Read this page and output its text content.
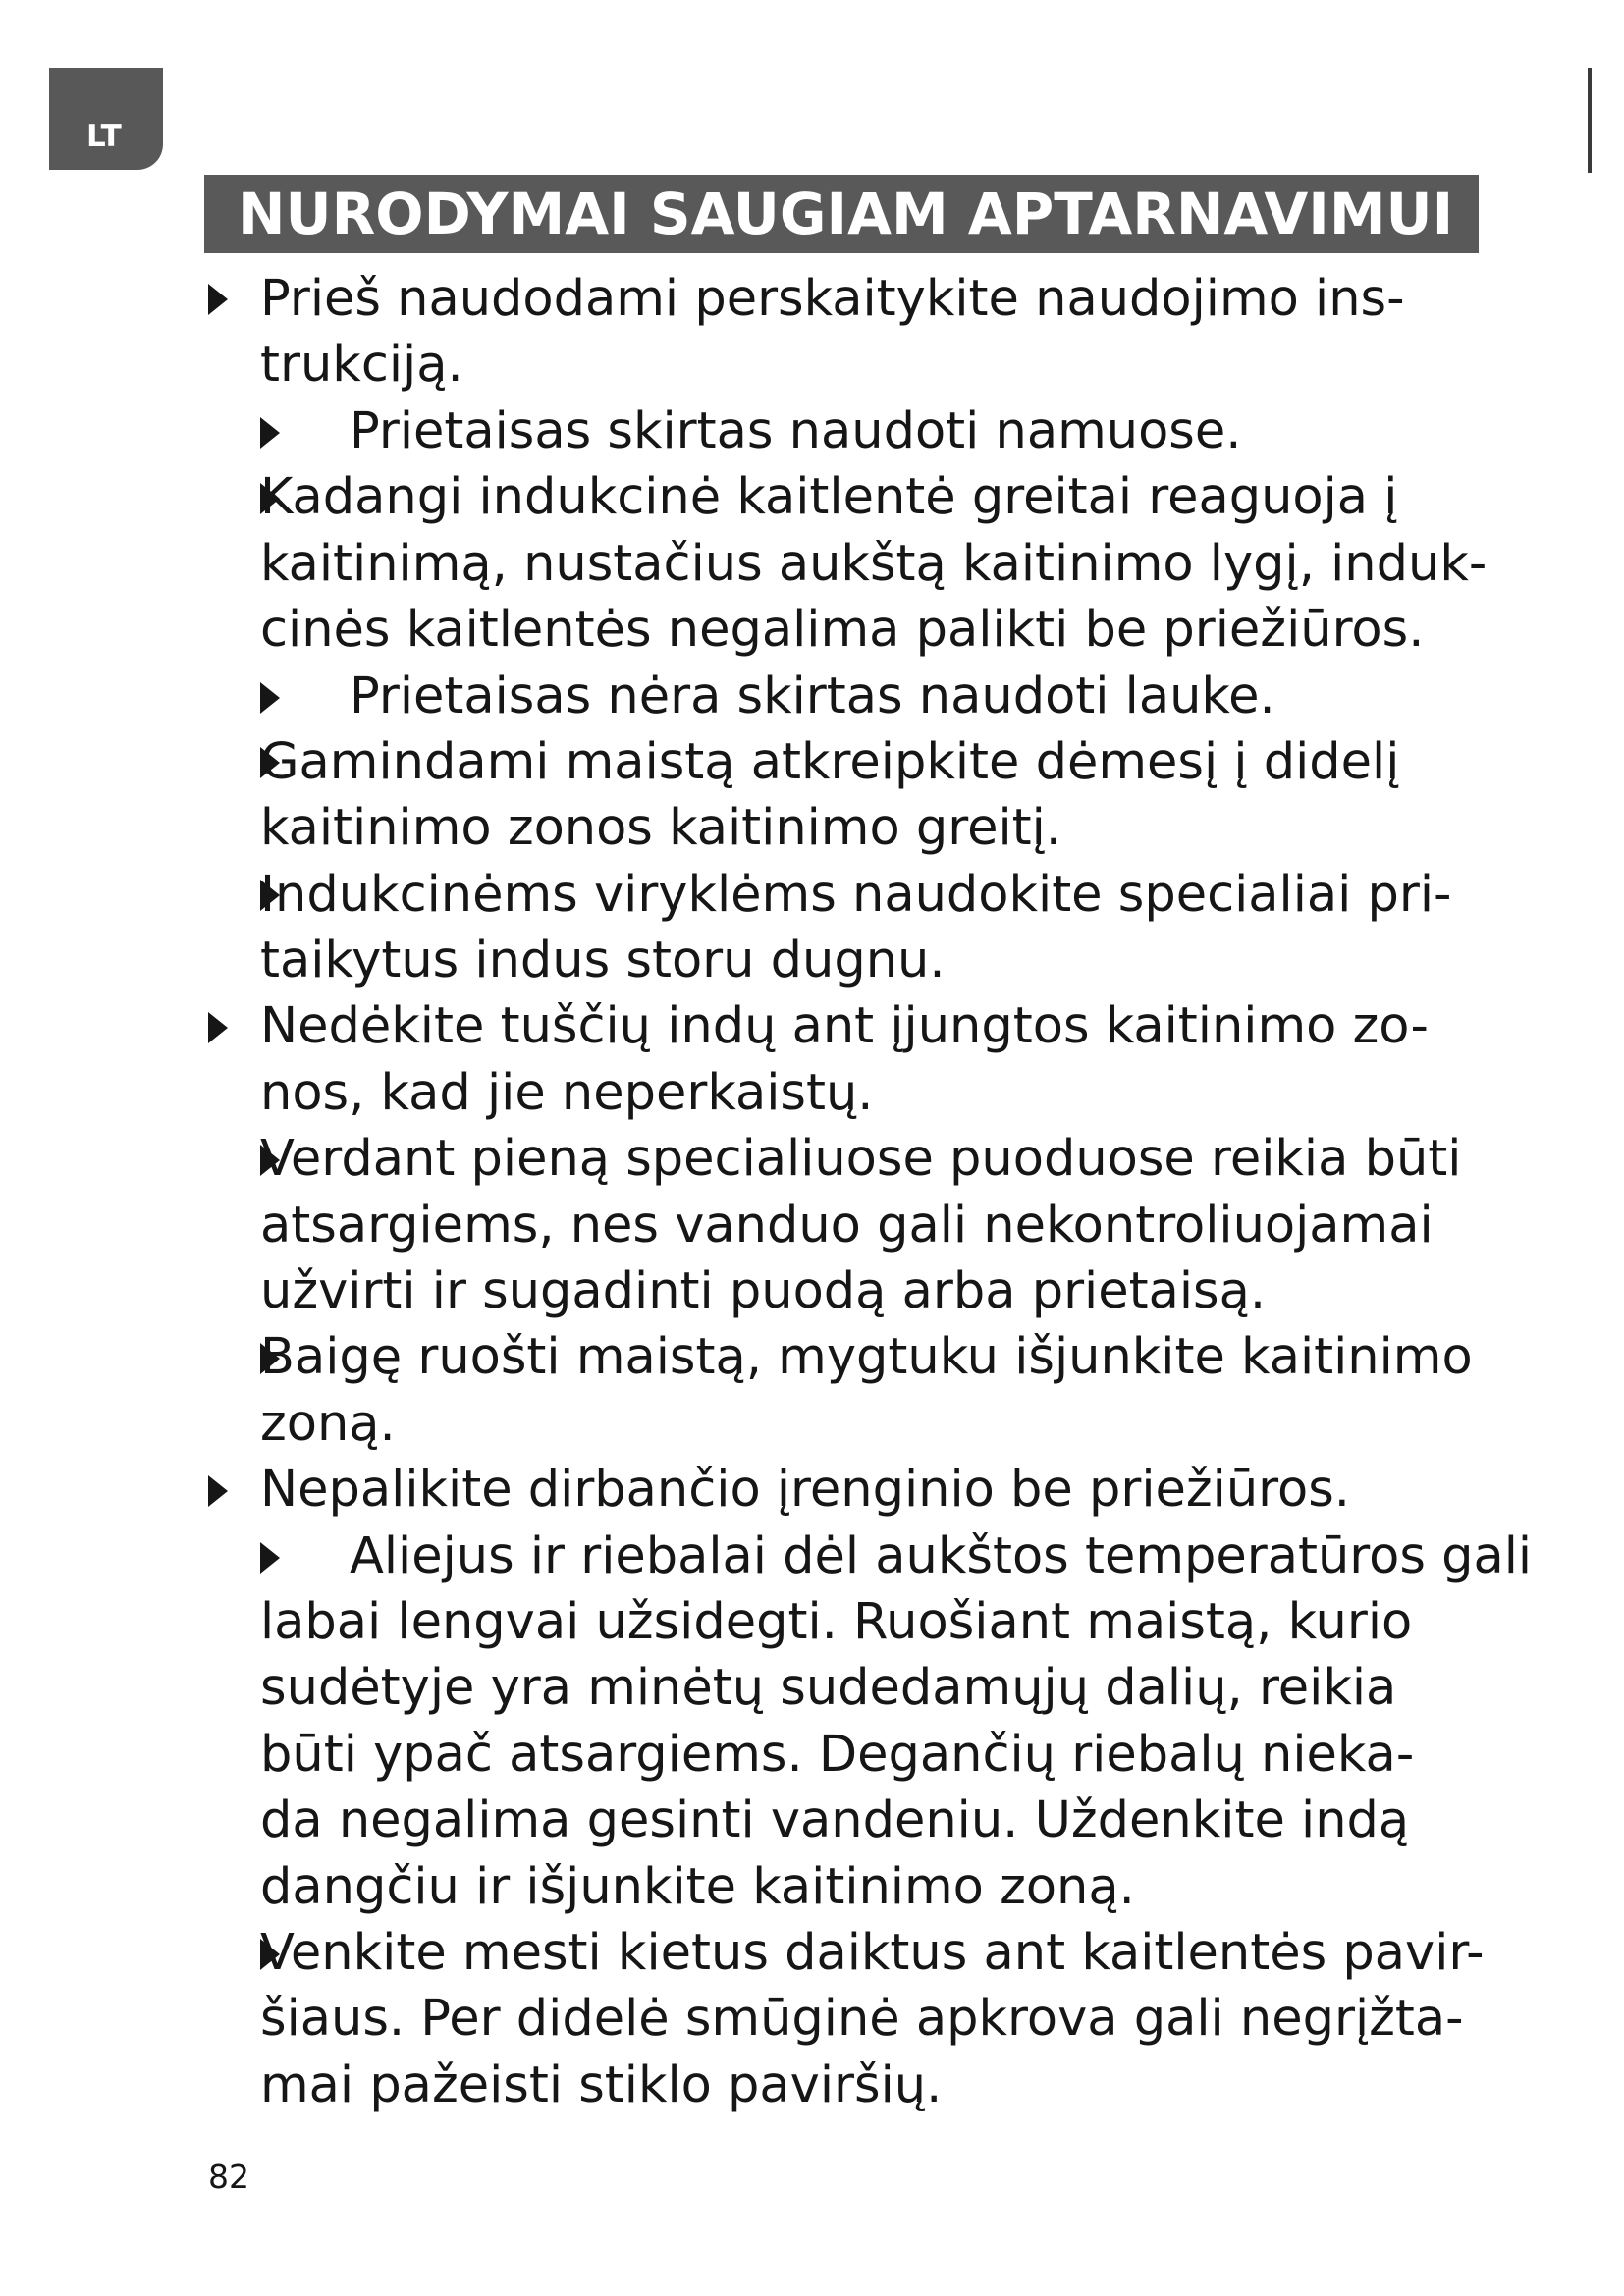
LT
NURODYMAI SAUGIAM APTARNAVIMUI
Prieš naudodami perskaitykite naudojimo ins-
trukciją.
Prietaisas skirtas naudoti namuose.
Kadangi indukcinė kaitlentė greitai reaguoja į
kaitinimą, nustačius aukštą kaitinimo lygį, induk-
cinės kaitlentės negalima palikti be priežiūros.
Prietaisas nėra skirtas naudoti lauke.
Gamindami maistą atkreipkite dėmesį į didelį
kaitinimo zonos kaitinimo greitį.
Indukcinėms viryklėms naudokite specialiai pri-
taikytus indus storu dugnu.
Nedėkite tuščių indų ant įjungtos kaitinimo zo-
nos, kad jie neperkaistų.
Verdant pieną specialiuose puoduose reikia būti
atsargiems, nes vanduo gali nekontroliuojamai
užvirti ir sugadinti puodą arba prietaisą.
Baigę ruošti maistą, mygtuku išjunkite kaitinimo
zoną.
Nepalikite dirbančio įrenginio be priežiūros.
Aliejus ir riebalai dėl aukštos temperatūros gali
labai lengvai užsidegti. Ruošiant maistą, kurio
sudėtyje yra minėtų sudedamųjų dalių, reikia
būti ypač atsargiems. Degančių riebalų nieka-
da negalima gesinti vandeniu. Uždenkite indą
dangčiu ir išjunkite kaitinimo zoną.
Venkite mesti kietus daiktus ant kaitlentės pavir-
šiaus. Per didelė smūginė apkrova gali negrįžta-
mai pažeisti stiklo paviršių.
82
